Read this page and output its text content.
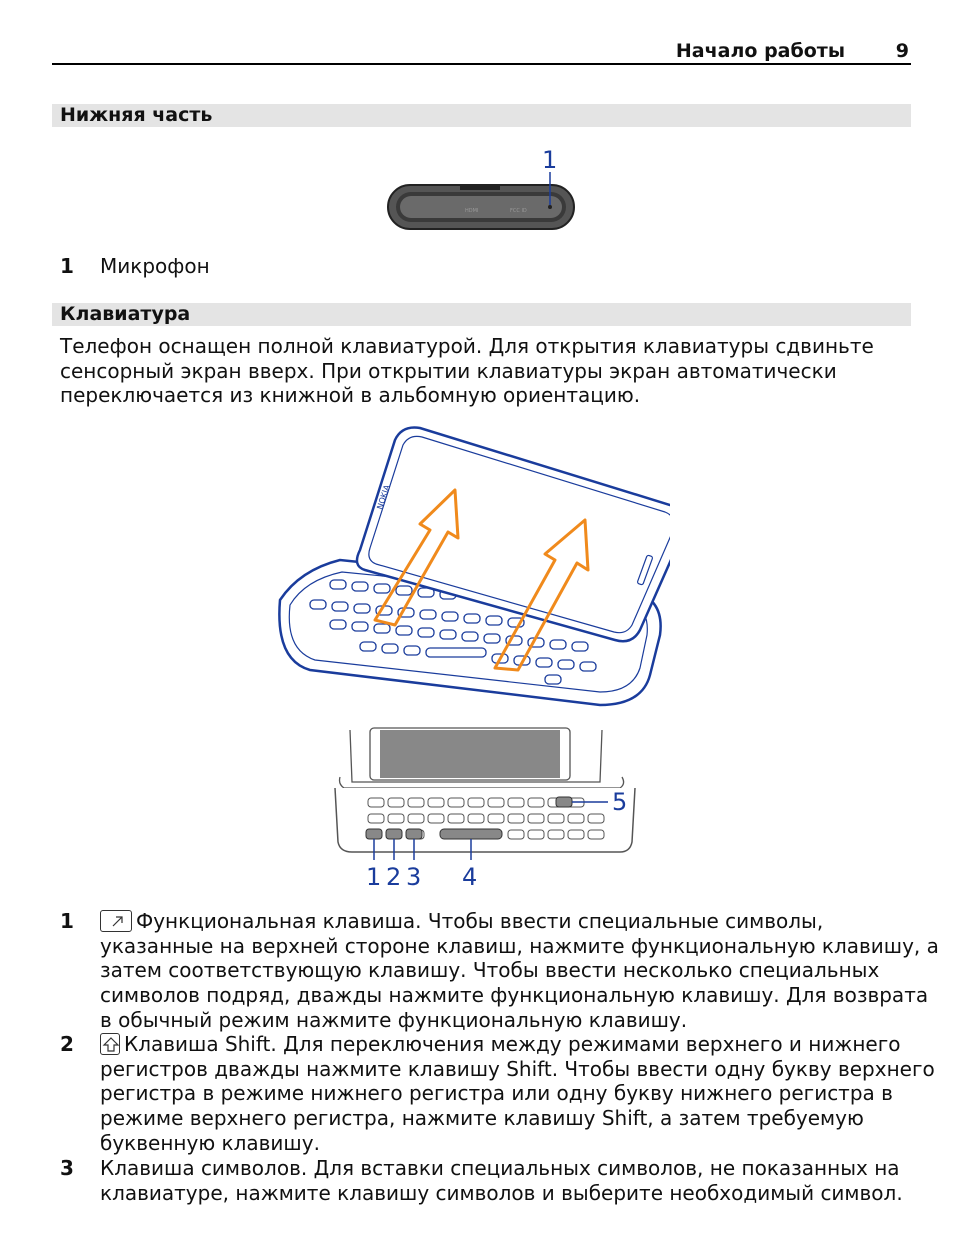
Начало работы	9
Нижняя часть
HDMI	FCC ID
1
1 Микрофон
Клавиатура
Телефон оснащен полной клавиатурой. Для открытия клавиатуры сдвиньте
сенсорный экран вверх. При открытии клавиатуры экран автоматически
переключается из книжной в альбомную ориентацию.
NOKIA
1 2 3 4
5
1	Функциональная клавиша. Чтобы ввести специальные символы,
указанные на верхней стороне клавиш, нажмите функциональную клавишу, а
затем соответствующую клавишу. Чтобы ввести несколько специальных
символов подряд, дважды нажмите функциональную клавишу. Для возврата
в обычный режим нажмите функциональную клавишу.
2	Клавиша Shift. Для переключения между режимами верхнего и нижнего
регистров дважды нажмите клавишу Shift. Чтобы ввести одну букву верхнего
регистра в режиме нижнего регистра или одну букву нижнего регистра в
режиме верхнего регистра, нажмите клавишу Shift, а затем требуемую
буквенную клавишу.
3 Клавиша символов. Для вставки специальных символов, не показанных на
клавиатуре, нажмите клавишу символов и выберите необходимый символ.
